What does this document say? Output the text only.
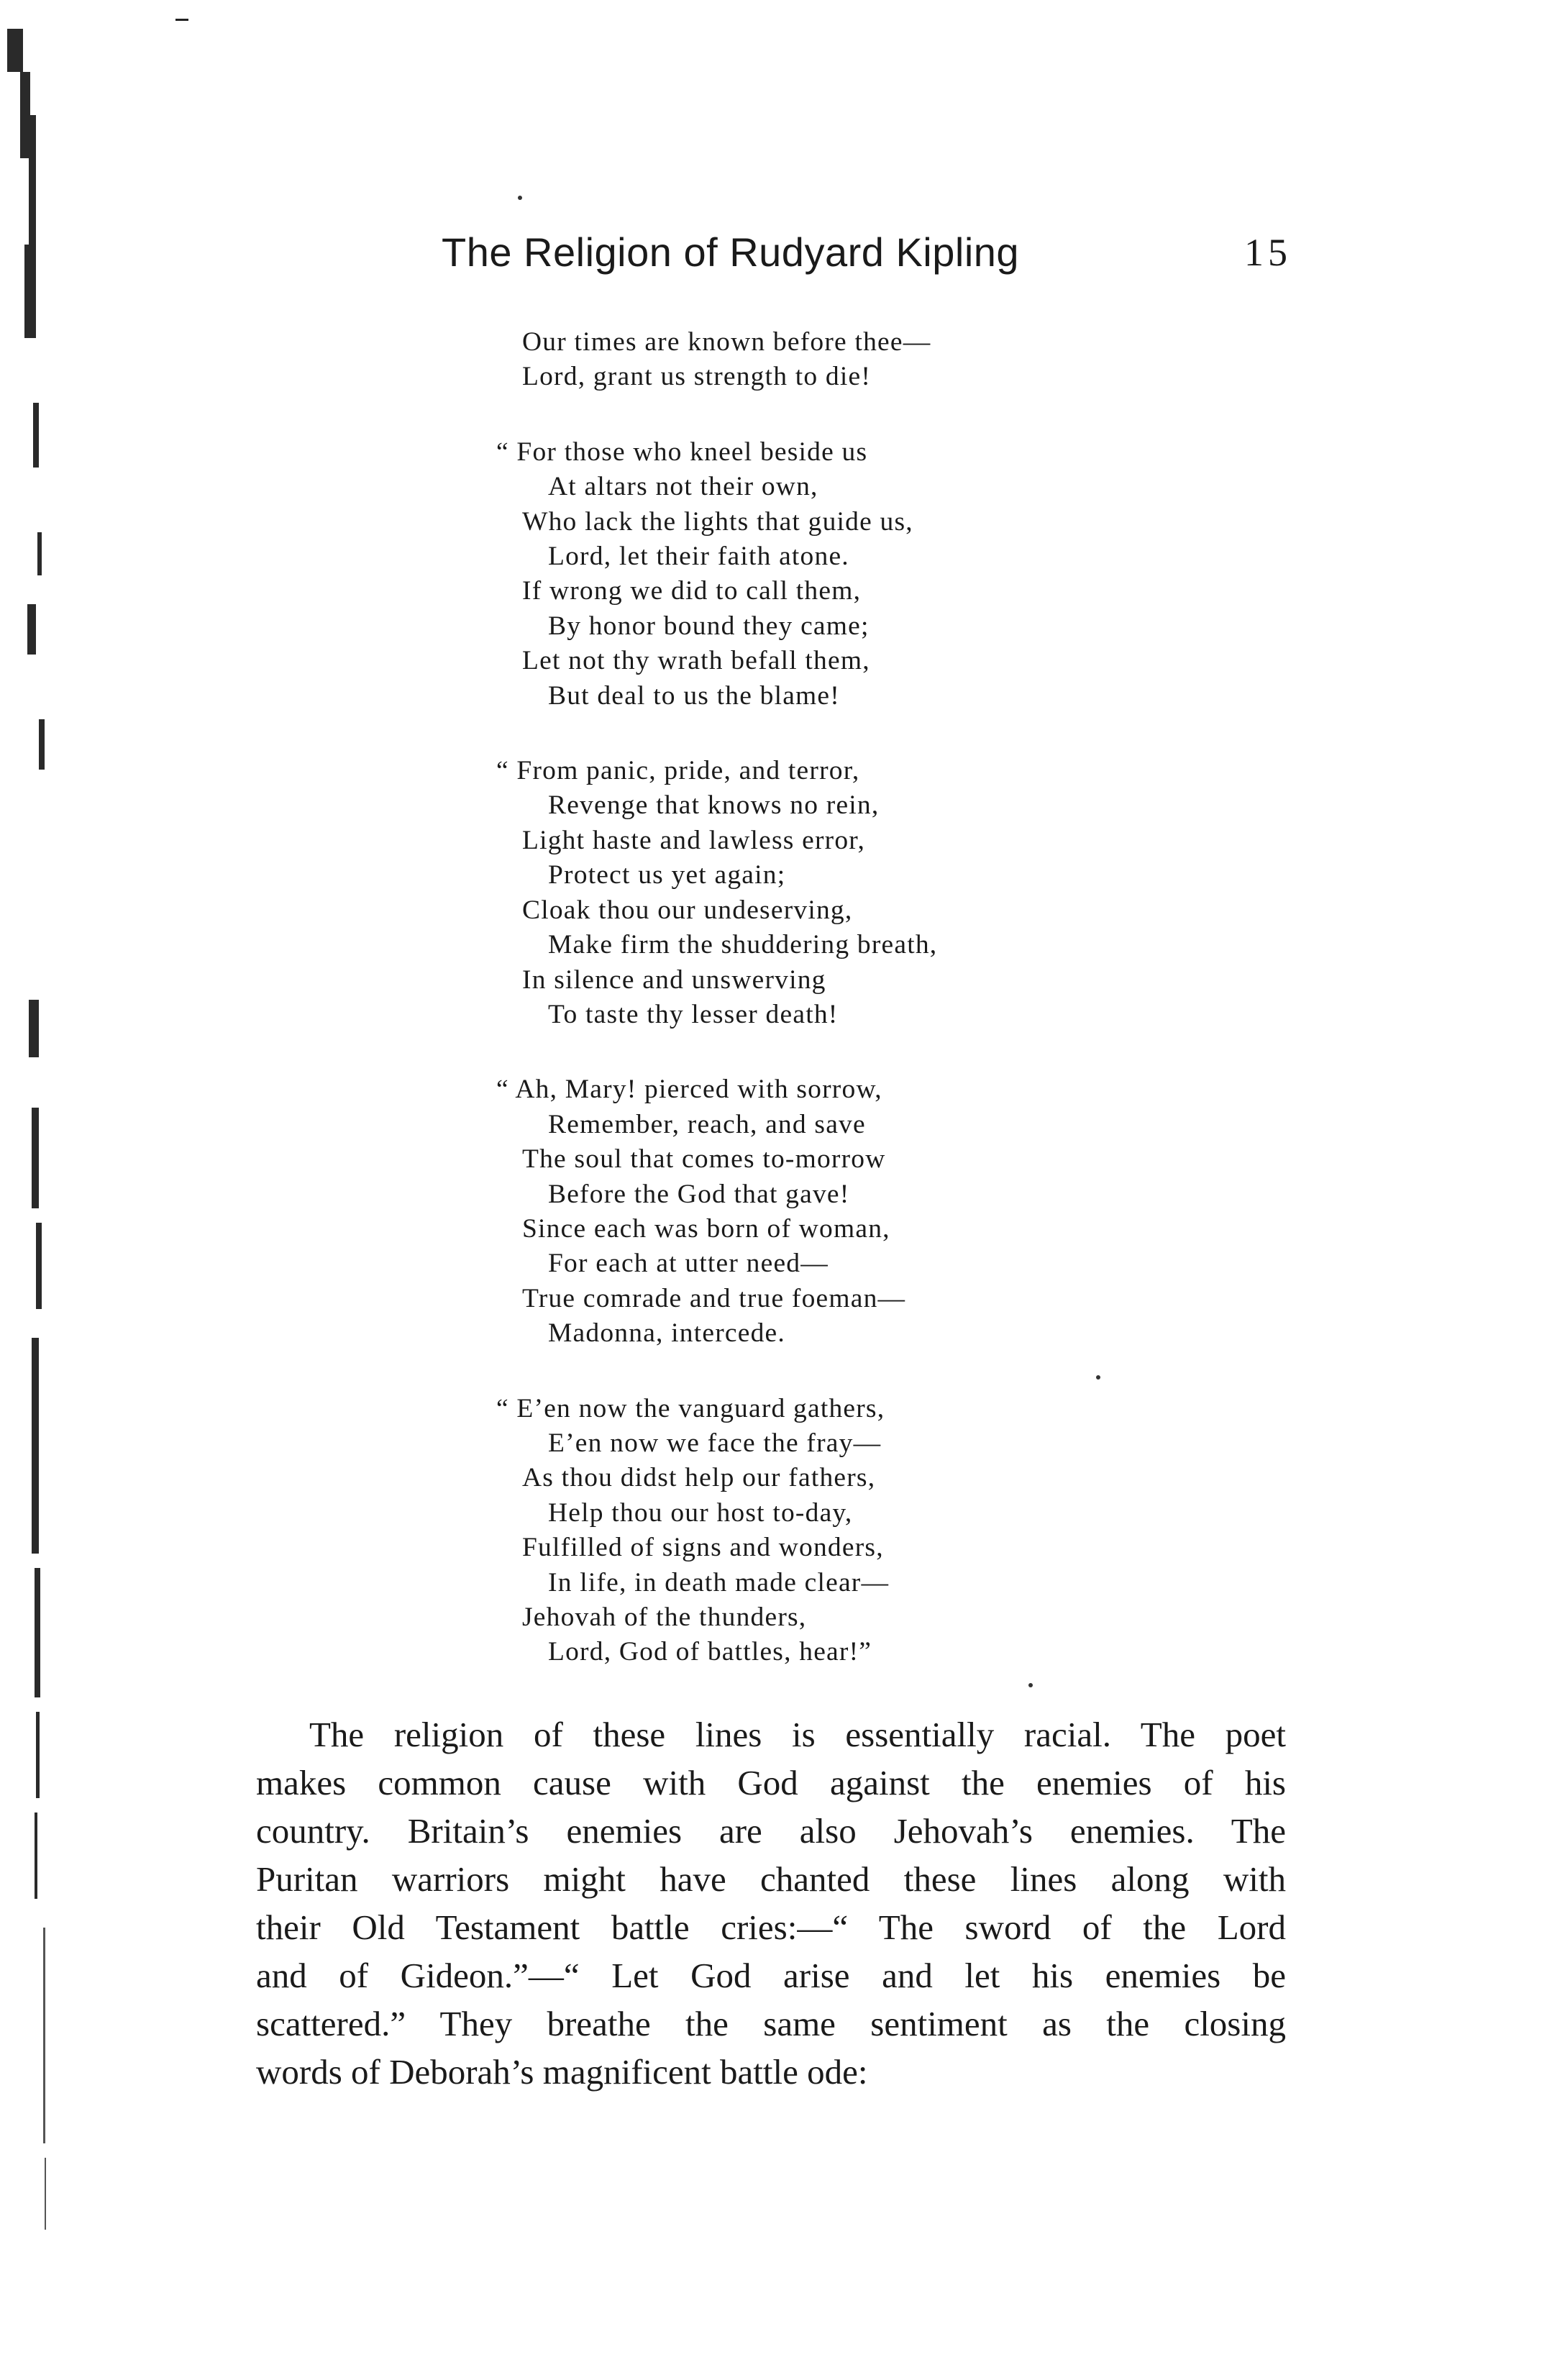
The Religion of Rudyard Kipling	15
Our times are known before thee—
Lord, grant us strength to die!
“ For those who kneel beside us
At altars not their own,
Who lack the lights that guide us,
Lord, let their faith atone.
If wrong we did to call them,
By honor bound they came;
Let not thy wrath befall them,
But deal to us the blame!
“ From panic, pride, and terror,
Revenge that knows no rein,
Light haste and lawless error,
Protect us yet again;
Cloak thou our undeserving,
Make firm the shuddering breath,
In silence and unswerving
To taste thy lesser death!
“ Ah, Mary! pierced with sorrow,
Remember, reach, and save
The soul that comes to-morrow
Before the God that gave!
Since each was born of woman,
For each at utter need—
True comrade and true foeman—
Madonna, intercede.
“ E’en now the vanguard gathers,
E’en now we face the fray—
As thou didst help our fathers,
Help thou our host to-day,
Fulfilled of signs and wonders,
In life, in death made clear—
Jehovah of the thunders,
Lord, God of battles, hear!”
The religion of these lines is essentially racial. The poet
makes common cause with God against the enemies of his
country. Britain’s enemies are also Jehovah’s enemies. The
Puritan warriors might have chanted these lines along with
their Old Testament battle cries:—“ The sword of the Lord
and of Gideon.”—“ Let God arise and let his enemies be
scattered.” They breathe the same sentiment as the closing
words of Deborah’s magnificent battle ode:
